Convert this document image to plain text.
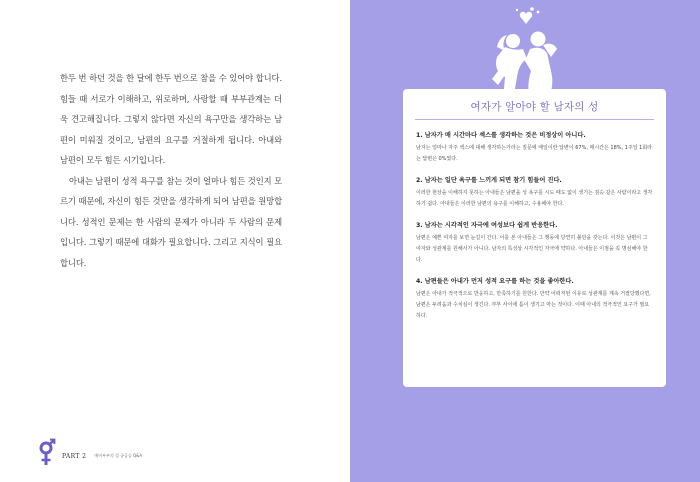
한두 번 하던 것을 한 달에 한두 번으로 참을 수 있어야 합니다. 힘들 때 서로가 이해하고, 위로하며, 사랑할 때 부부관계는 더욱 견고해집니다. 그렇지 않다면 자신의 욕구만을 생각하는 남편이 미워질 것이고, 남편의 요구를 거절하게 됩니다. 아내와 남편이 모두 힘든 시기입니다.

아내는 남편이 성적 욕구를 참는 것이 얼마나 힘든 것인지 모르기 때문에, 자신이 힘든 것만을 생각하게 되어 남편을 원망합니다. 성적인 문제는 한 사람의 문제가 아니라 두 사람의 문제입니다. 그렇기 때문에 대화가 필요합니다. 그리고 지식이 필요합니다.

PART 2 예비부부의 성 궁금증 Q&A
여자가 알아야 할 남자의 성
1. 남자가 매 시간마다 섹스를 생각하는 것은 비정상이 아니다.
남자는 얼마나 자주 섹스에 대해 생각하는가라는 질문에 매일이란 답변이 67%, 매시간은 18%, 1주일 1회라는 답변은 0%였다.
2. 남자는 일단 욕구를 느끼게 되면 참기 힘들어 진다.
이러한 현상을 이해하지 못하는 아내들은 남편을 성 욕구를 시도 때도 없이 생기는 짐승 같은 사람이라고 생각하기 쉽다. 아내들은 이러한 남편의 욕구를 이해하고, 수용해야 한다.
3. 남자는 시각적인 자극에 여성보다 쉽게 반응한다.
남편은 예쁜 여자를 보면 눈길이 간다. 이를 본 아내들은 그 행동에 당연히 불만을 갖는다. 이것은 남편이 그 여자와 성관계를 원해서가 아니다. 남자의 특성상 시각적인 자극에 약하다. 아내들은 이점을 꼭 명심해야 한다.
4. 남편들은 아내가 먼저 성적 요구를 하는 것을 좋아한다.
남편은 아내가 적극적으로 반응하고, 만족하기를 원한다. 만약 어떠저떤 이유로 성관계를 계속 거절당했다면, 남편은 두려움과 수치심이 생긴다. 부부 사이에 틈이 생기고 마는 것이다. 이때 아내의 적극적인 요구가 필요하다.
